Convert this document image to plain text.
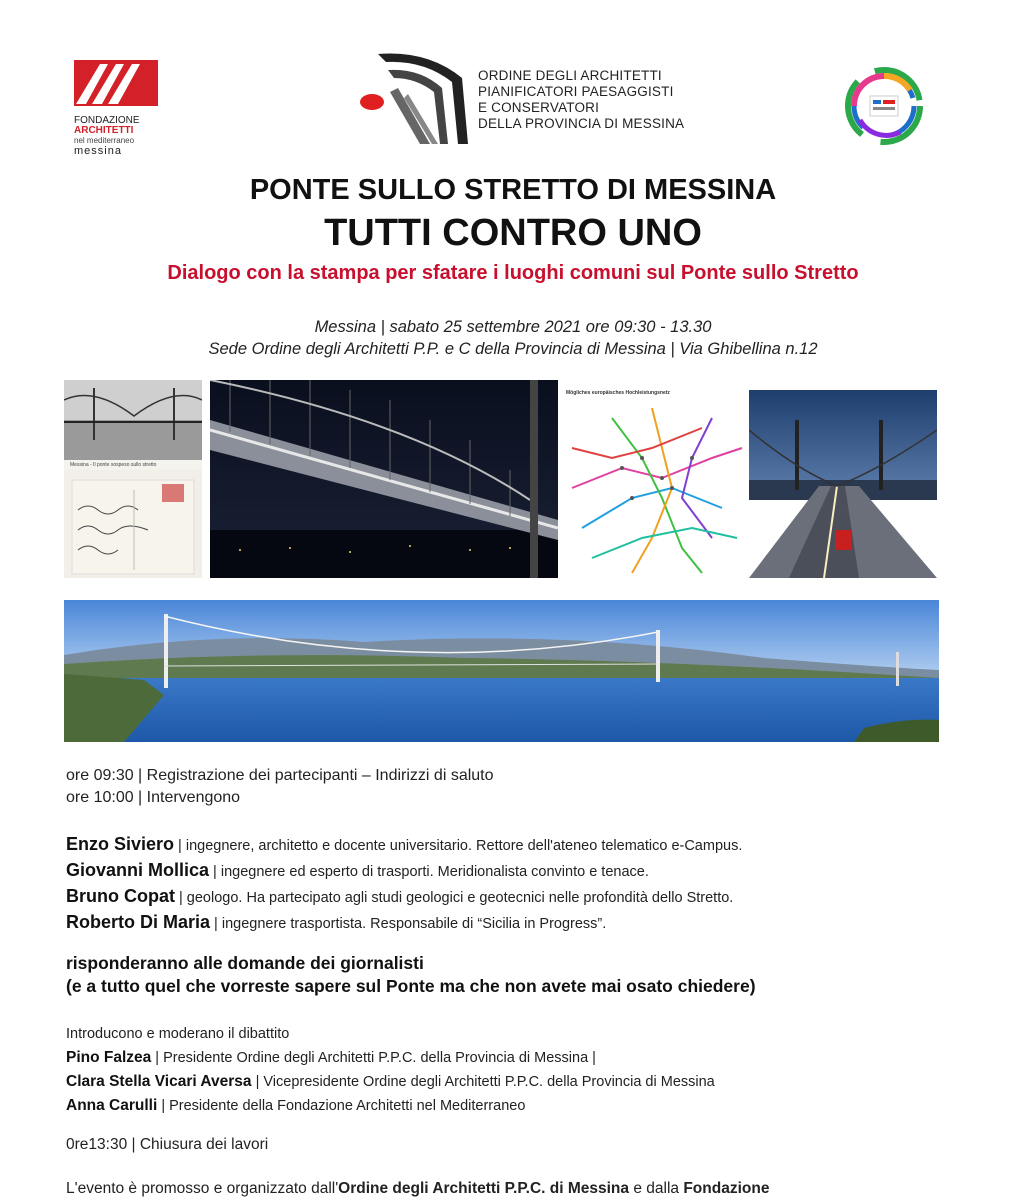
FONDAZIONE
ARCHITETTI
nel mediterraneo
messina
ORDINE DEGLI ARCHITETTI
PIANIFICATORI PAESAGGISTI
E CONSERVATORI
DELLA PROVINCIA DI MESSINA
PONTE SULLO STRETTO DI MESSINA
TUTTI CONTRO UNO
Dialogo con la stampa per sfatare i luoghi comuni sul Ponte sullo Stretto
Messina | sabato 25 settembre 2021 ore 09:30 - 13.30
Sede Ordine degli Architetti P.P. e C della Provincia di Messina | Via Ghibellina n.12
Messina - Il ponte sospeso sullo stretto
Mögliches europäisches Hochleistungsnetz
ore 09:30 | Registrazione dei partecipanti – Indirizzi di saluto
ore 10:00 | Intervengono
Enzo Siviero | ingegnere, architetto e docente universitario. Rettore dell'ateneo telematico e-Campus.
Giovanni Mollica | ingegnere ed esperto di trasporti. Meridionalista convinto e tenace.
Bruno Copat | geologo. Ha partecipato agli studi geologici e geotecnici nelle profondità dello Stretto.
Roberto Di Maria | ingegnere trasportista. Responsabile di “Sicilia in Progress”.
risponderanno alle domande dei giornalisti
(e a tutto quel che vorreste sapere sul Ponte ma che non avete mai osato chiedere)
Introducono e moderano il dibattito
Pino Falzea | Presidente Ordine degli Architetti P.P.C. della Provincia di Messina |
Clara Stella Vicari Aversa | Vicepresidente Ordine degli Architetti P.P.C. della Provincia di Messina
Anna Carulli | Presidente della Fondazione Architetti nel Mediterraneo
0re13:30 | Chiusura dei lavori
L'evento è promosso e organizzato dall'Ordine degli Architetti P.P.C. di Messina e dalla Fondazione
